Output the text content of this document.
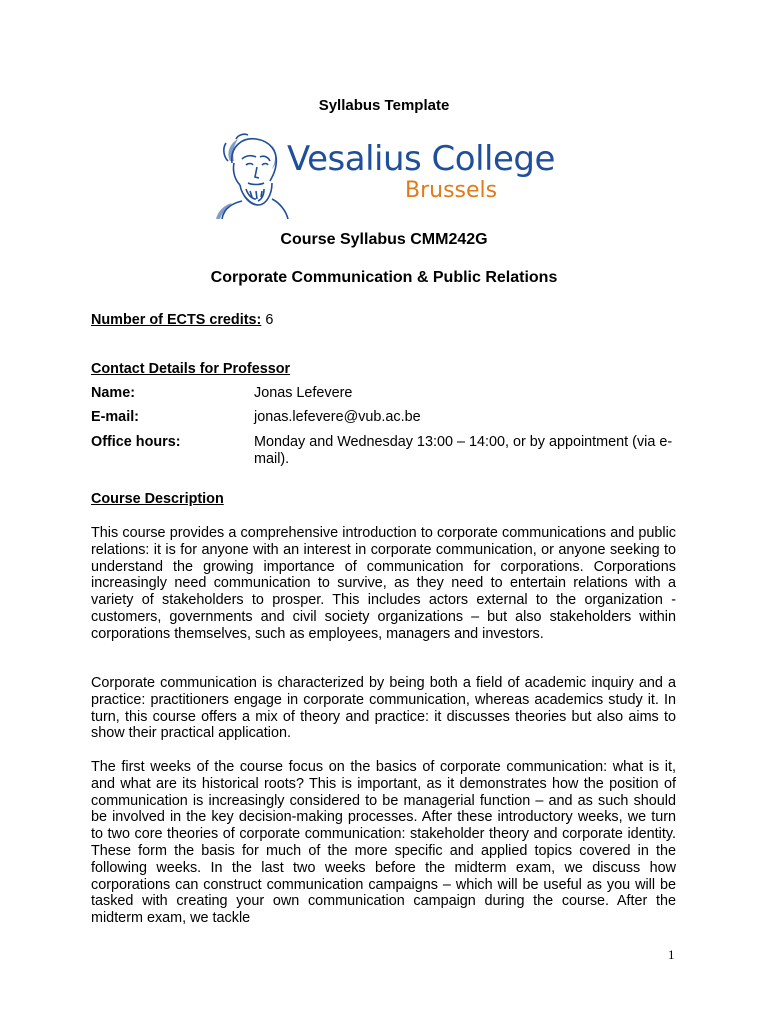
Syllabus Template
Vesalius College
Brussels
Course Syllabus CMM242G
Corporate Communication & Public Relations
Number of ECTS credits: 6
Contact Details for Professor
Name:	Jonas Lefevere
E-mail:	jonas.lefevere@vub.ac.be
Office hours:	Monday and Wednesday 13:00 – 14:00, or by appointment (via e-mail).
Course Description

This course provides a comprehensive introduction to corporate communications and public relations: it is for anyone with an interest in corporate communication, or anyone seeking to understand the growing importance of communication for corporations. Corporations increasingly need communication to survive, as they need to entertain relations with a variety of stakeholders to prosper. This includes actors external to the organization - customers, governments and civil society organizations – but also stakeholders within corporations themselves, such as employees, managers and investors.

Corporate communication is characterized by being both a field of academic inquiry and a practice: practitioners engage in corporate communication, whereas academics study it. In turn, this course offers a mix of theory and practice: it discusses theories but also aims to show their practical application.

The first weeks of the course focus on the basics of corporate communication: what is it, and what are its historical roots? This is important, as it demonstrates how the position of communication is increasingly considered to be managerial function – and as such should be involved in the key decision-making processes. After these introductory weeks, we turn to two core theories of corporate communication: stakeholder theory and corporate identity. These form the basis for much of the more specific and applied topics covered in the following weeks. In the last two weeks before the midterm exam, we discuss how corporations can construct communication campaigns – which will be useful as you will be tasked with creating your own communication campaign during the course. After the midterm exam, we tackle

1
